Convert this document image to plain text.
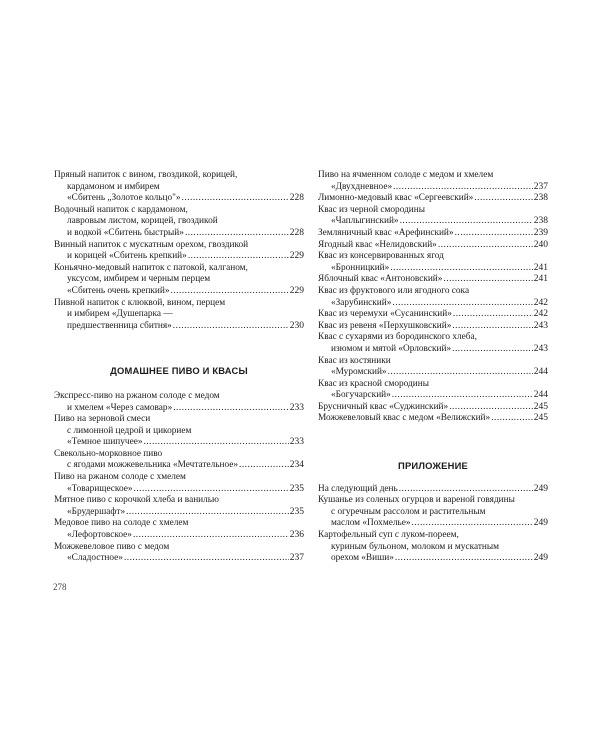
Пряный напиток с вином, гвоздикой, корицей,
кардамоном и имбирем
«Сбитень „Золотое кольцо"» .....	228
Водочный напиток с кардамоном,
лавровым листом, корицей, гвоздикой
и водкой «Сбитень быстрый» .....	228
Винный напиток с мускатным орехом, гвоздикой
и корицей «Сбитень крепкий» .....	229
Коньячно-медовый напиток с патокой, калганом,
уксусом, имбирем и черным перцем
«Сбитень очень крепкий» .....	229
Пивной напиток с клюквой, вином, перцем
и имбирем «Душепарка —
предшественница сбитня» .....	230
ДОМАШНЕЕ ПИВО И КВАСЫ
Экспресс-пиво на ржаном солоде с медом
и хмелем «Через самовар» .....	233
Пиво на зерновой смеси
с лимонной цедрой и цикорием
«Темное шипучее» .....	233
Свекольно-морковное пиво
с ягодами можжевельника «Мечтательное» .....	234
Пиво на ржаном солоде с хмелем
«Товарищеское» .....	235
Мятное пиво с корочкой хлеба и ванилью
«Брудершафт» .....	235
Медовое пиво на солоде с хмелем
«Лефортовское» .....	236
Можжевеловое пиво с медом
«Сладостное» .....	237
Пиво на ячменном солоде с медом и хмелем
«Двухдневное» .....	237
Лимонно-медовый квас «Сергеевский» .....	238
Квас из черной смородины
«Чаплыгинский» .....	238
Земляничный квас «Арефинский» .....	239
Ягодный квас «Нелидовский» .....	240
Квас из консервированных ягод
«Бронницкий» .....	241
Яблочный квас «Антоновский» .....	241
Квас из фруктового или ягодного сока
«Зарубинский» .....	242
Квас из черемухи «Сусанинский» .....	242
Квас из ревеня «Перхушковский» .....	243
Квас с сухарями из бородинского хлеба,
изюмом и мятой «Орловский» .....	243
Квас из костяники
«Муромский» .....	244
Квас из красной смородины
«Богучарский» .....	244
Брусничный квас «Суджинский» .....	245
Можжевеловый квас с медом «Велижский» .....	245
ПРИЛОЖЕНИЕ
На следующий день .....	249
Кушанье из соленых огурцов и вареной говядины
с огуречным рассолом и растительным
маслом «Похмелье» .....	249
Картофельный суп с луком-пореем,
куриным бульоном, молоком и мускатным
орехом «Виши» .....	249
278
